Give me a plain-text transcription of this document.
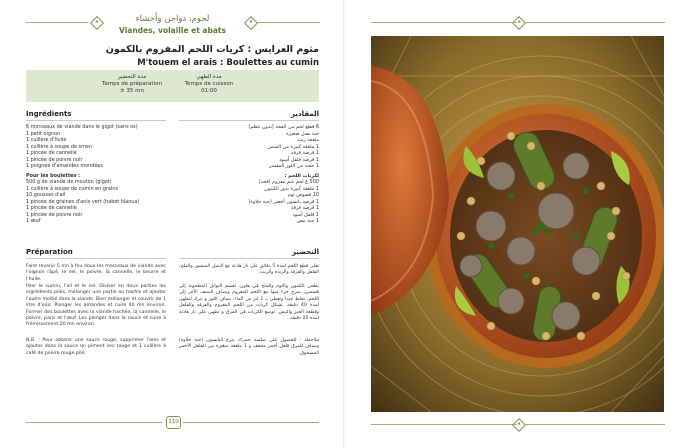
لحوم، دواجن وأحشاء
Viandes, volaille et abats
مثوم العرايس : كريات اللحم المفروم بالكمون
M'touem el arais : Boulettes au cumin
مدة الطهي
Temps de cuisson
01:00
مدة التحضير
Temps de préparation
± 35 mn
Ingrédients	المقادير
6 morceaux de viande dans le gigot (sans os)
1 petit oignon
1 cuillère d'huile
1 cuillère à soupe de smen
1 pincée de cannelle
1 pincée de poivre noir
1 poignée d'amandes mondées
Pour les boulettes :
500 g de viande de mouton (gigot)
1 cuillère à soupe de cumin en grains
10 gousses d'ail
1 pincée de graines d'anis vert (habet hlaoua)
1 pincée de cannelle
1 pincée de poivre noir
1 œuf
6 قطع لحم من الفخذ (بدون عظم)
حبة بصل صغيرة
ملعقة زيت
1 ملعقة كبيرة من السمن
1 قرصة قرفة
1 قرصة فلفل أسود
1 حفنة من اللوز المقشر
لكريات اللحم :
500 غ لحم غنم مفروم (فخذ)
1 ملعقة كبيرة بذور الكمون
10 فصوص ثوم
1 قرصة يانسون أخضر (حبة حلاوة)
1 قرصة قرفة
1 فلفل أسود
1 حبة بيض
Préparation	التحضير
Faire revenir 5 mn à feu doux les morceaux de viande avec l'oignon râpé, le sel, le poivre, la cannelle, le beurre et l'huile.
Piler le cumin, l'ail et le sel. Diviser en deux parties les ingrédients pilés, mélanger une partie au hachis et ajouter l'autre moitié dans la viande. Bien mélanger et couvrir de 1 litre d'eau. Plonger les amandes et cuire 40 mn environ. Former des boulettes avec la viande hachée, la cannelle, le poivre, paris et l'œuf. Les plonger dans la sauce et cuire à frémissement 20 mn environ.
N.B. : Pour obtenir une sauce rouge, supprimer l'anis et ajouter dans la sauce un piment sec rouge et 1 cuillère à café de poivre rouge pilé.
تقلى قطع اللحم لمدة 5 دقائق على نار هادئة مع البصل المبشور والملح، الفلفل والقرفة والزبدة والزيت.
يطحن الكمون والثوم والملح في هاون. تقسم التوابل المطحونة إلى قسمين، يمزج جزء منها مع اللحم المفروم ويضاف النصف الآخر إلى اللحم. تخلط جيدا وتغطى بـ 1 لتر من الماء. يضاف اللوز و تترك لتطهى لمدة 40 دقيقة. تشكل كريات من اللحم المفروم والقرفة والفلفل وقطعة الخبز والبيض. توضع الكريات في المرق و تطهى على نار هادئة لمدة 20 دقيقة.
ملاحظة : للحصول على صلصة حمراء، ينزع اليانسون (حبة حلاوة) ويضاف للمرق فلفل أحمر مجفف و 1 ملعقة صغيرة من الفلفل الأحمر المسحوق.
110
